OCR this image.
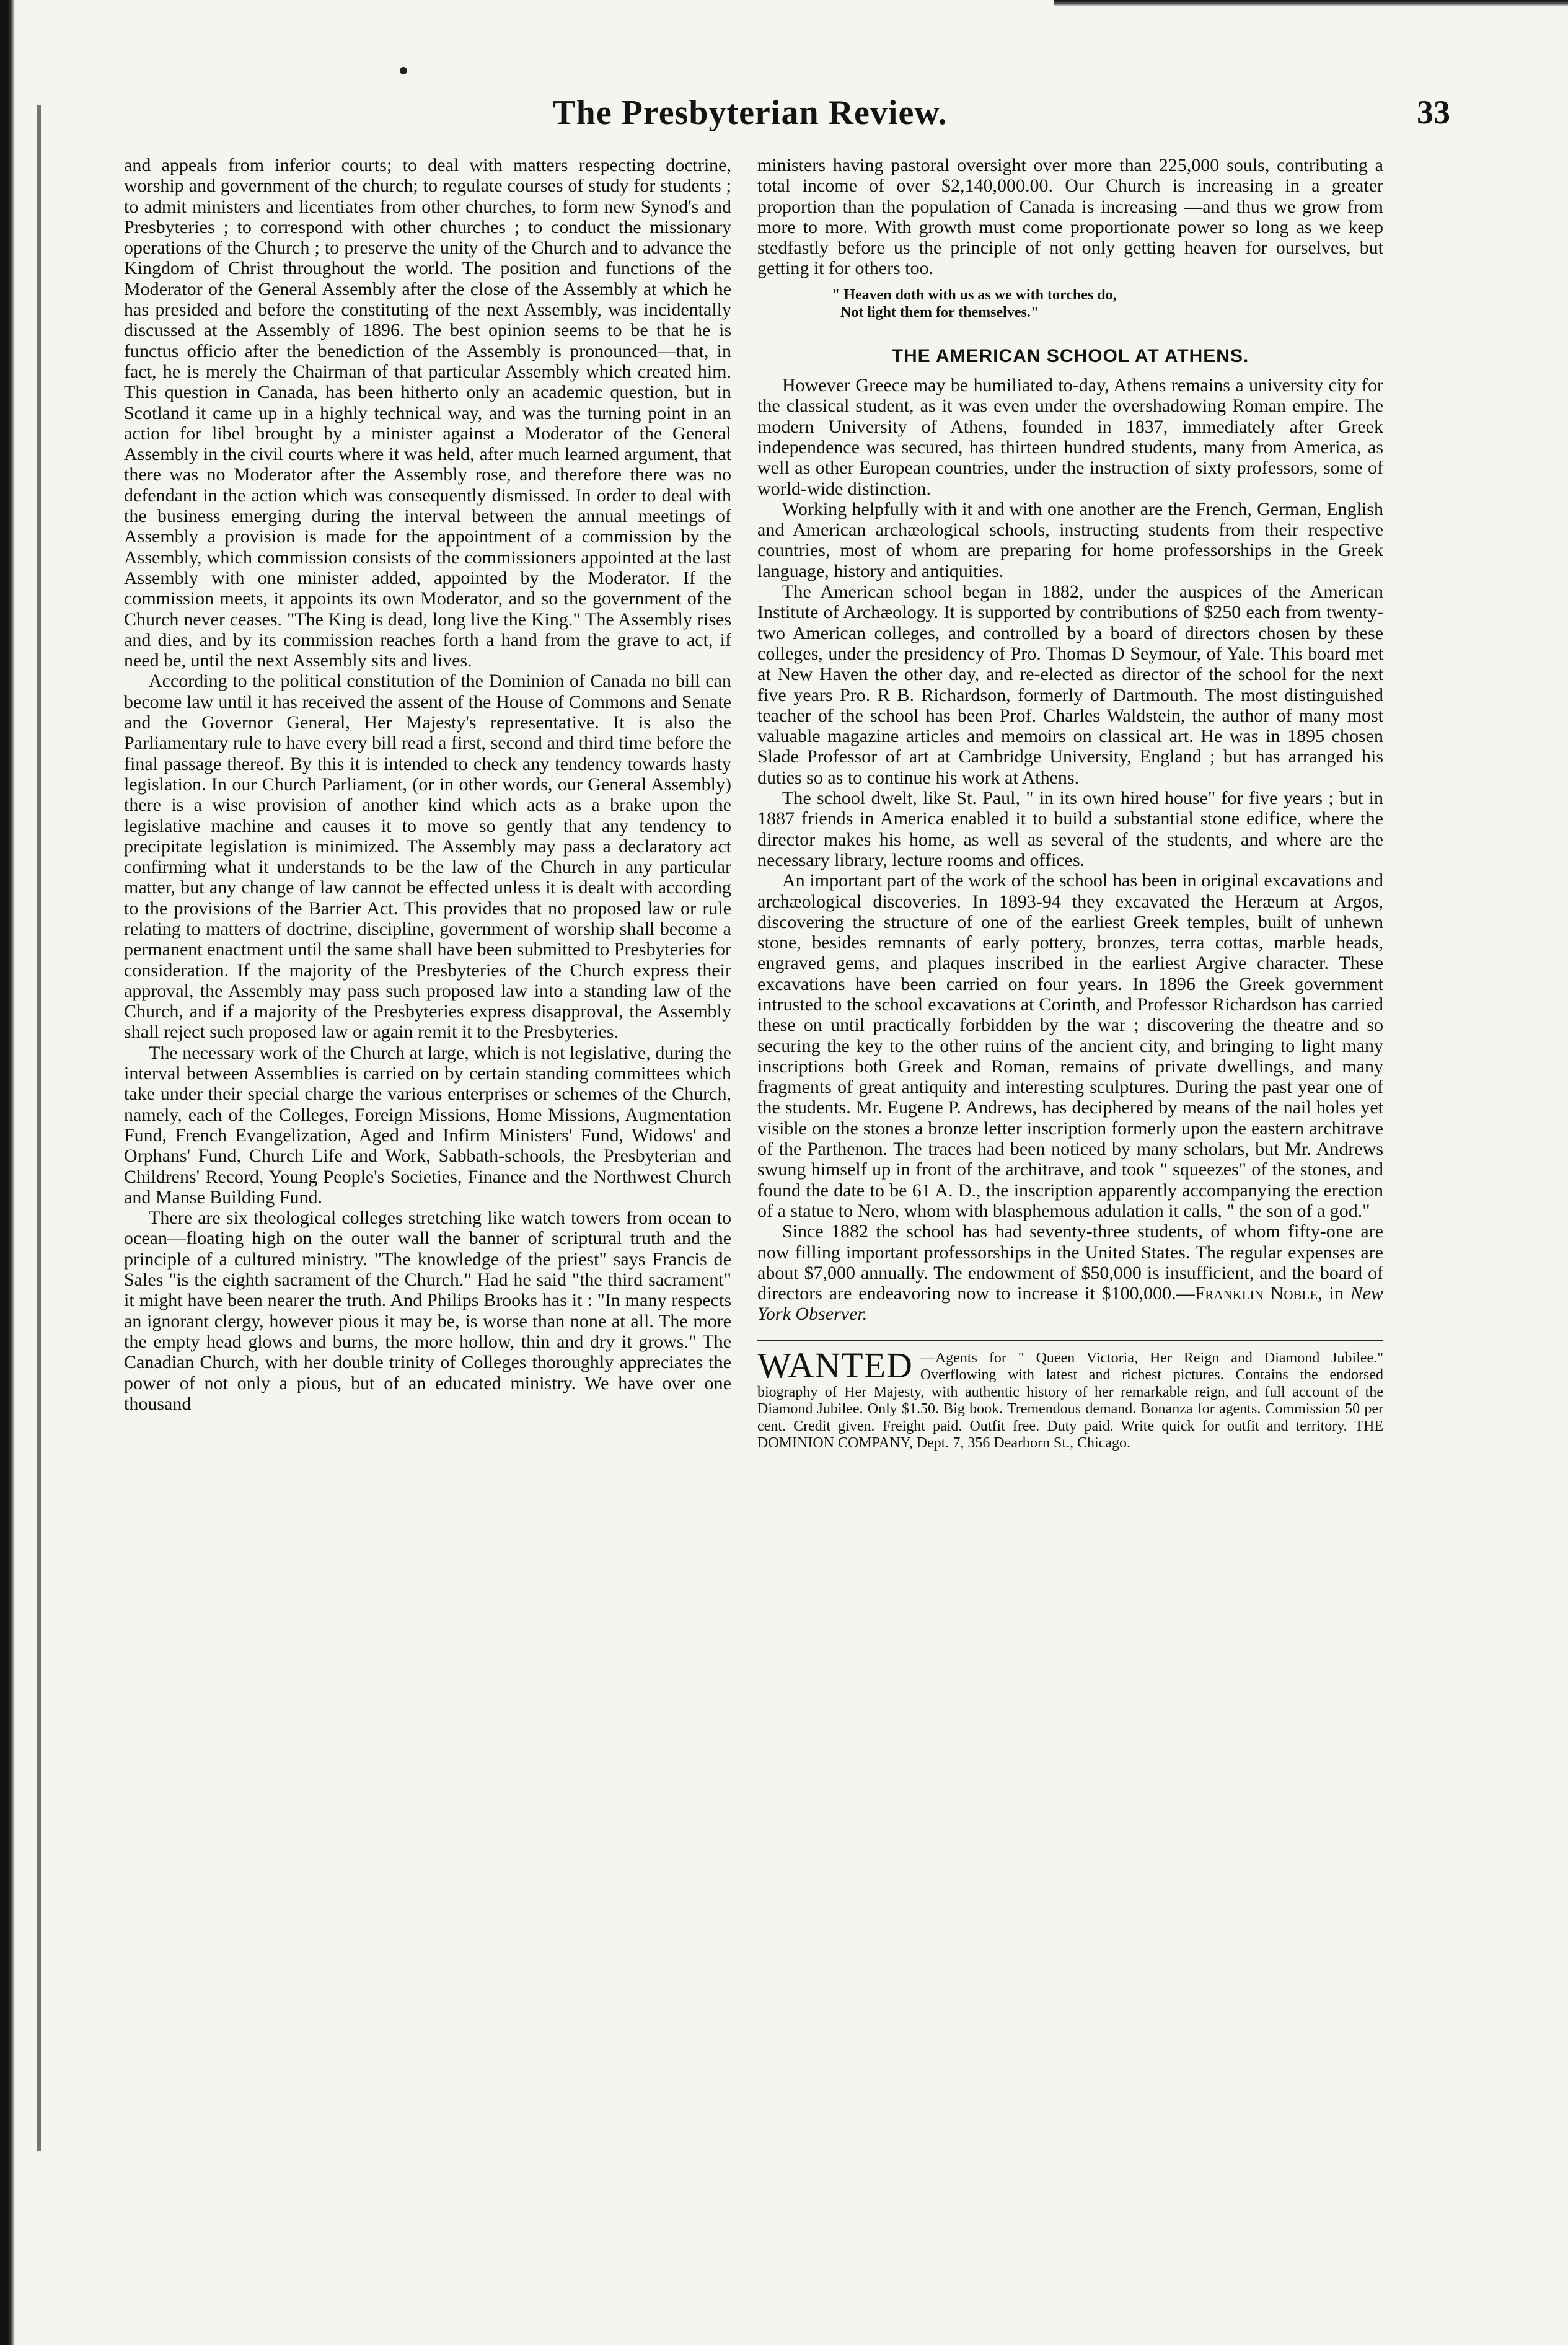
The Presbyterian Review.	33

and appeals from inferior courts; to deal with matters respecting doctrine, worship and government of the church; to regulate courses of study for students ; to admit ministers and licentiates from other churches, to form new Synod's and Presbyteries ; to correspond with other churches ; to conduct the missionary operations of the Church ; to preserve the unity of the Church and to advance the Kingdom of Christ throughout the world. The position and functions of the Moderator of the General Assembly after the close of the Assembly at which he has presided and before the constituting of the next Assembly, was incidentally discussed at the Assembly of 1896. The best opinion seems to be that he is functus officio after the benediction of the Assembly is pronounced—that, in fact, he is merely the Chairman of that particular Assembly which created him. This question in Canada, has been hitherto only an academic question, but in Scotland it came up in a highly technical way, and was the turning point in an action for libel brought by a minister against a Moderator of the General Assembly in the civil courts where it was held, after much learned argument, that there was no Moderator after the Assembly rose, and therefore there was no defendant in the action which was consequently dismissed. In order to deal with the business emerging during the interval between the annual meetings of Assembly a provision is made for the appointment of a commission by the Assembly, which commission consists of the commissioners appointed at the last Assembly with one minister added, appointed by the Moderator. If the commission meets, it appoints its own Moderator, and so the government of the Church never ceases. "The King is dead, long live the King." The Assembly rises and dies, and by its commission reaches forth a hand from the grave to act, if need be, until the next Assembly sits and lives.

According to the political constitution of the Dominion of Canada no bill can become law until it has received the assent of the House of Commons and Senate and the Governor General, Her Majesty's representative. It is also the Parliamentary rule to have every bill read a first, second and third time before the final passage thereof. By this it is intended to check any tendency towards hasty legislation. In our Church Parliament, (or in other words, our General Assembly) there is a wise provision of another kind which acts as a brake upon the legislative machine and causes it to move so gently that any tendency to precipitate legislation is minimized. The Assembly may pass a declaratory act confirming what it understands to be the law of the Church in any particular matter, but any change of law cannot be effected unless it is dealt with according to the provisions of the Barrier Act. This provides that no proposed law or rule relating to matters of doctrine, discipline, government of worship shall become a permanent enactment until the same shall have been submitted to Presbyteries for consideration. If the majority of the Presbyteries of the Church express their approval, the Assembly may pass such proposed law into a standing law of the Church, and if a majority of the Presbyteries express disapproval, the Assembly shall reject such proposed law or again remit it to the Presbyteries.

The necessary work of the Church at large, which is not legislative, during the interval between Assemblies is carried on by certain standing committees which take under their special charge the various enterprises or schemes of the Church, namely, each of the Colleges, Foreign Missions, Home Missions, Augmentation Fund, French Evangelization, Aged and Infirm Ministers' Fund, Widows' and Orphans' Fund, Church Life and Work, Sabbath-schools, the Presbyterian and Childrens' Record, Young People's Societies, Finance and the Northwest Church and Manse Building Fund.

There are six theological colleges stretching like watch towers from ocean to ocean—floating high on the outer wall the banner of scriptural truth and the principle of a cultured ministry. "The knowledge of the priest" says Francis de Sales "is the eighth sacrament of the Church." Had he said "the third sacrament" it might have been nearer the truth. And Philips Brooks has it : "In many respects an ignorant clergy, however pious it may be, is worse than none at all. The more the empty head glows and burns, the more hollow, thin and dry it grows." The Canadian Church, with her double trinity of Colleges thoroughly appreciates the power of not only a pious, but of an educated ministry. We have over one thousand

ministers having pastoral oversight over more than 225,000 souls, contributing a total income of over $2,140,000.00. Our Church is increasing in a greater proportion than the population of Canada is increasing —and thus we grow from more to more. With growth must come proportionate power so long as we keep stedfastly before us the principle of not only getting heaven for ourselves, but getting it for others too.

" Heaven doth with us as we with torches do,
Not light them for themselves."
THE AMERICAN SCHOOL AT ATHENS.

However Greece may be humiliated to-day, Athens remains a university city for the classical student, as it was even under the overshadowing Roman empire. The modern University of Athens, founded in 1837, immediately after Greek independence was secured, has thirteen hundred students, many from America, as well as other European countries, under the instruction of sixty professors, some of world-wide distinction.

Working helpfully with it and with one another are the French, German, English and American archæological schools, instructing students from their respective countries, most of whom are preparing for home professorships in the Greek language, history and antiquities.

The American school began in 1882, under the auspices of the American Institute of Archæology. It is supported by contributions of $250 each from twenty-two American colleges, and controlled by a board of directors chosen by these colleges, under the presidency of Pro. Thomas D Seymour, of Yale. This board met at New Haven the other day, and re-elected as director of the school for the next five years Pro. R B. Richardson, formerly of Dartmouth. The most distinguished teacher of the school has been Prof. Charles Waldstein, the author of many most valuable magazine articles and memoirs on classical art. He was in 1895 chosen Slade Professor of art at Cambridge University, England ; but has arranged his duties so as to continue his work at Athens.

The school dwelt, like St. Paul, " in its own hired house" for five years ; but in 1887 friends in America enabled it to build a substantial stone edifice, where the director makes his home, as well as several of the students, and where are the necessary library, lecture rooms and offices.

An important part of the work of the school has been in original excavations and archæological discoveries. In 1893-94 they excavated the Heræum at Argos, discovering the structure of one of the earliest Greek temples, built of unhewn stone, besides remnants of early pottery, bronzes, terra cottas, marble heads, engraved gems, and plaques inscribed in the earliest Argive character. These excavations have been carried on four years. In 1896 the Greek government intrusted to the school excavations at Corinth, and Professor Richardson has carried these on until practically forbidden by the war ; discovering the theatre and so securing the key to the other ruins of the ancient city, and bringing to light many inscriptions both Greek and Roman, remains of private dwellings, and many fragments of great antiquity and interesting sculptures. During the past year one of the students. Mr. Eugene P. Andrews, has deciphered by means of the nail holes yet visible on the stones a bronze letter inscription formerly upon the eastern architrave of the Parthenon. The traces had been noticed by many scholars, but Mr. Andrews swung himself up in front of the architrave, and took " squeezes" of the stones, and found the date to be 61 A. D., the inscription apparently accompanying the erection of a statue to Nero, whom with blasphemous adulation it calls, " the son of a god."

Since 1882 the school has had seventy-three students, of whom fifty-one are now filling important professorships in the United States. The regular expenses are about $7,000 annually. The endowment of $50,000 is insufficient, and the board of directors are endeavoring now to increase it $100,000.—Franklin Noble, in New York Observer.

WANTED —Agents for " Queen Victoria, Her Reign and Diamond Jubilee." Overflowing with latest and richest pictures. Contains the endorsed biography of Her Majesty, with authentic history of her remarkable reign, and full account of the Diamond Jubilee. Only $1.50. Big book. Tremendous demand. Bonanza for agents. Commission 50 per cent. Credit given. Freight paid. Outfit free. Duty paid. Write quick for outfit and territory. THE DOMINION COMPANY, Dept. 7, 356 Dearborn St., Chicago.
